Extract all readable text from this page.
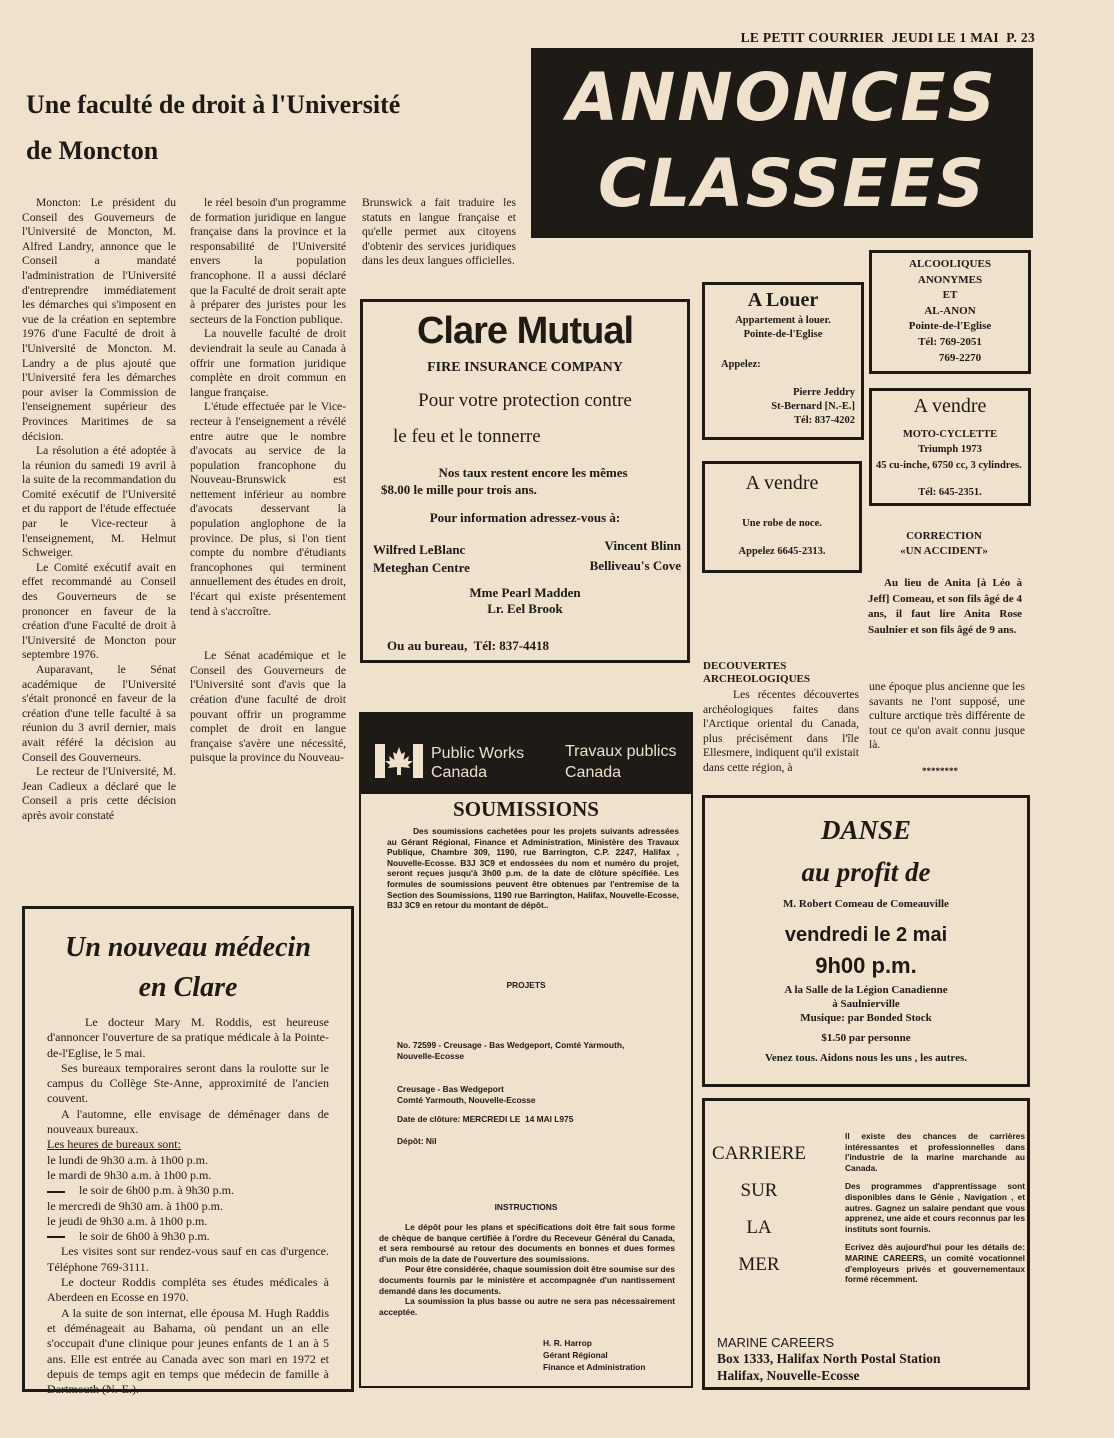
LE PETIT COURRIER  JEUDI LE 1 MAI  P. 23
ANNONCES
CLASSEES
Une faculté de droit à l'Université
de Moncton

Moncton: Le président du Conseil des Gouverneurs de l'Université de Moncton, M. Alfred Landry, annonce que le Conseil a mandaté l'administration de l'Université d'entreprendre immédiatement les démarches qui s'imposent en vue de la création en septembre 1976 d'une Faculté de droit à l'Université de Moncton. M. Landry a de plus ajouté que l'Université fera les démarches pour aviser la Commission de l'enseignement supérieur des Provinces Maritimes de sa décision.

La résolution a été adoptée à la réunion du samedi 19 avril à la suite de la recommandation du Comité exécutif de l'Université et du rapport de l'étude effectuée par le Vice-recteur à l'enseignement, M. Helmut Schweiger.

Le Comité exécutif avait en effet recommandé au Conseil des Gouverneurs de se prononcer en faveur de la création d'une Faculté de droit à l'Université de Moncton pour septembre 1976.

Auparavant, le Sénat académique de l'Université s'était prononcé en faveur de la création d'une telle faculté à sa réunion du 3 avril dernier, mais avait référé la décision au Conseil des Gouverneurs.

Le recteur de l'Université, M. Jean Cadieux a déclaré que le Conseil a pris cette décision après avoir constaté

le réel besoin d'un programme de formation juridique en langue française dans la province et la responsabilité de l'Université envers la population francophone. Il a aussi déclaré que la Faculté de droit serait apte à préparer des juristes pour les secteurs de la Fonction publique.

La nouvelle faculté de droit deviendrait la seule au Canada à offrir une formation juridique complète en droit commun en langue française.

L'étude effectuée par le Vice-recteur à l'enseignement a révélé entre autre que le nombre d'avocats au service de la population francophone du Nouveau-Brunswick est nettement inférieur au nombre d'avocats desservant la population anglophone de la province. De plus, si l'on tient compte du nombre d'étudiants francophones qui terminent annuellement des études en droit, l'écart qui existe présentement tend à s'accroître.

Le Sénat académique et le Conseil des Gouverneurs de l'Université sont d'avis que la création d'une faculté de droit pouvant offrir un programme complet de droit en langue française s'avère une nécessité, puisque la province du Nouveau-

Brunswick a fait traduire les statuts en langue française et qu'elle permet aux citoyens d'obtenir des services juridiques dans les deux langues officielles.

Clare Mutual
FIRE INSURANCE COMPANY
Pour votre protection contre
le feu et le tonnerre
Nos taux restent encore les mêmes
$8.00 le mille pour trois ans.
Pour information adressez-vous à:
Wilfred LeBlanc
Meteghan Centre
Vincent Blinn
Belliveau's Cove
Mme Pearl Madden
Lr. Eel Brook
Ou au bureau,  Tél: 837-4418
A Louer
Appartement à louer.
Pointe-de-l'Eglise
Appelez:
Pierre Jeddry
St-Bernard [N.-E.]
Tél: 837-4202
ALCOOLIQUES
ANONYMES
ET
AL-ANON
Pointe-de-l'Eglise
Tél: 769-2051
769-2270
A vendre
MOTO-CYCLETTE
Triumph 1973
45 cu-inche, 6750 cc, 3 cylindres.
Tél: 645-2351.
A vendre
Une robe de noce.
Appelez 6645-2313.
CORRECTION
«UN ACCIDENT»
Au lieu de Anita [à Léo à Jeff] Comeau, et son fils âgé de 4 ans, il faut lire Anita Rose Saulnier et son fils âgé de 9 ans.
DECOUVERTES ARCHEOLOGIQUES
Les récentes découvertes archéologiques faites dans l'Arctique oriental du Canada, plus précisément dans l'île Ellesmere, indiquent qu'il existait dans cette région, à
une époque plus ancienne que les savants ne l'ont supposé, une culture arctique très différente de tout ce qu'on avait connu jusque là.
********
Public Works
Canada
Travaux publics
Canada
SOUMISSIONS
Des soumissions cachetées pour les projets suivants adressées au Gérant Régional, Finance et Administration, Ministère des Travaux Publique, Chambre 309, 1190, rue Barrington, C.P. 2247, Halifax , Nouvelle-Ecosse. B3J 3C9 et endossées du nom et numéro du projet, seront reçues jusqu'à 3h00 p.m. de la date de clôture spécifiée. Les formules de soumissions peuvent être obtenues par l'entremise de la Section des Soumissions, 1190 rue Barrington, Halifax, Nouvelle-Ecosse, B3J 3C9 en retour du montant de dépôt..
PROJETS
No. 72599 - Creusage - Bas Wedgeport, Comté Yarmouth,
Nouvelle-Ecosse
Creusage - Bas Wedgeport
Comté Yarmouth, Nouvelle-Ecosse
Date de clôture: MERCREDI LE  14 MAI L975
Dépôt: Nil
INSTRUCTIONS
Le dépôt pour les plans et spécifications doit être fait sous forme de chèque de banque certifiée à l'ordre du Receveur Général du Canada, et sera remboursé au retour des documents en bonnes et dues formes d'un mois de la date de l'ouverture des soumissions.
Pour être considérée, chaque soumission doit être soumise sur des documents fournis par le ministère et accompagnée d'un nantissement demandé dans les documents.
La soumission la plus basse ou autre ne sera pas nécessairement acceptée.
H. R. Harrop
Gérant Régional
Finance et Administration
Un nouveau médecin
en Clare

Le docteur Mary M. Roddis, est heureuse d'annoncer l'ouverture de sa pratique médicale à la Pointe-de-l'Eglise, le 5 mai.

Ses bureaux temporaires seront dans la roulotte sur le campus du Collège Ste-Anne, approximité de l'ancien couvent.

A l'automne, elle envisage de déménager dans de nouveaux bureaux.

Les heures de bureaux sont:

le lundi de 9h30 a.m. à 1h00 p.m.

le mardi de 9h30 a.m. à 1h00 p.m.

le soir de 6h00 p.m. à 9h30 p.m.

le mercredi de 9h30 am. à 1h00 p.m.

le jeudi de 9h30 a.m. à 1h00 p.m.

le soir de 6h00 à 9h30 p.m.

Les visites sont sur rendez-vous sauf en cas d'urgence. Téléphone 769-3111.

Le docteur Roddis compléta ses études médicales à Aberdeen en Ecosse en 1970.

A la suite de son internat, elle épousa M. Hugh Raddis et déménageait au Bahama, où pendant un an elle s'occupait d'une clinique pour jeunes enfants de 1 an à 5 ans. Elle est entrée au Canada avec son mari en 1972 et depuis de temps agit en temps que médecin de famille à Dartmouth (N.-E.).

DANSE
au profit de
M. Robert Comeau de Comeauville
vendredi le 2 mai
9h00 p.m.
A la Salle de la Légion Canadienne
à Saulnierville
Musique: par Bonded Stock
$1.50 par personne
Venez tous. Aidons nous les uns , les autres.
CARRIERE
SUR
LA
MER
Il existe des chances de carrières intéressantes et professionnelles dans l'industrie de la marine marchande au Canada.
Des programmes d'apprentissage sont disponibles dans le Génie , Navigation , et autres. Gagnez un salaire pendant que vous apprenez, une aide et cours reconnus par les instituts sont fournis.
Ecrivez dès aujourd'hui pour les détails de: MARINE CAREERS, un comité vocationnel d'employeurs privés et gouvernementaux formé récemment.
MARINE CAREERS
Box 1333, Halifax North Postal Station
Halifax, Nouvelle-Ecosse
